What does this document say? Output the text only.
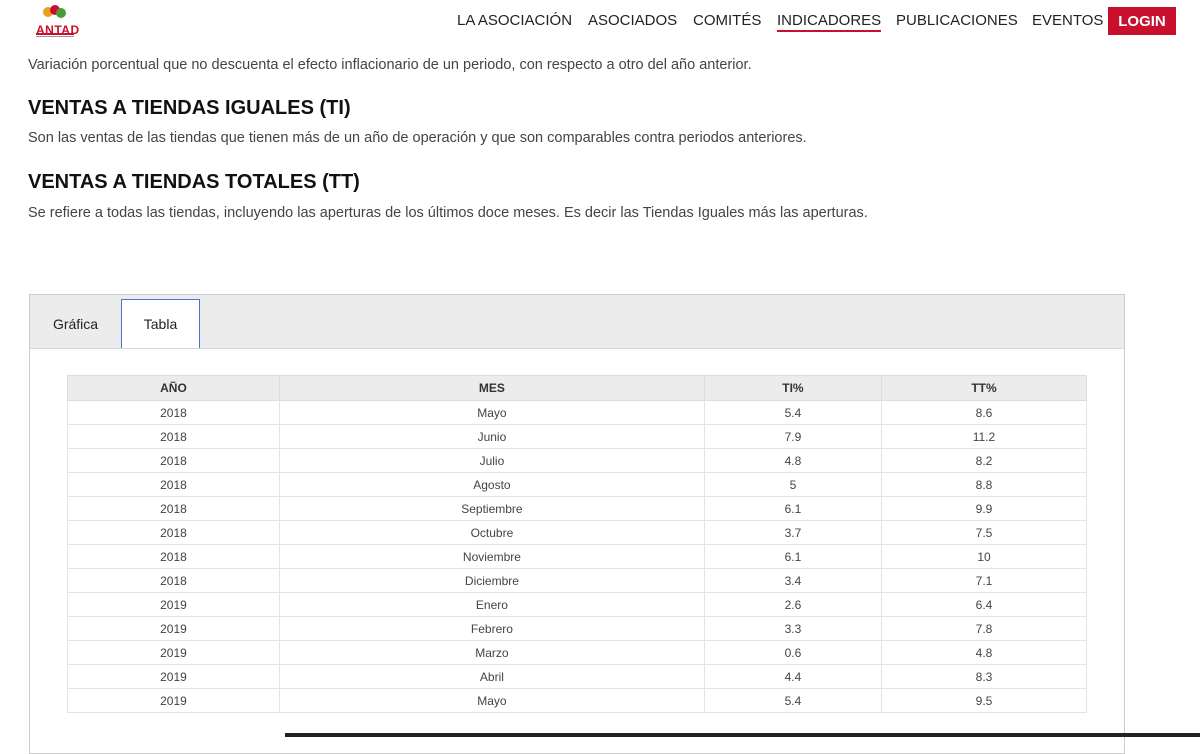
ANTAD
LA ASOCIACIÓN ASOCIADOS COMITÉS INDICADORES PUBLICACIONES EVENTOS LOGIN
Variación porcentual que no descuenta el efecto inflacionario de un periodo, con respecto a otro del año anterior.
VENTAS A TIENDAS IGUALES (TI)
Son las ventas de las tiendas que tienen más de un año de operación y que son comparables contra periodos anteriores.
VENTAS A TIENDAS TOTALES (TT)
Se refiere a todas las tiendas, incluyendo las aperturas de los últimos doce meses. Es decir las Tiendas Iguales más las aperturas.
Gráfica	Tabla
AÑO	MES	TI%	TT%
2018	Mayo	5.4	8.6
2018	Junio	7.9	11.2
2018	Julio	4.8	8.2
2018	Agosto	5	8.8
2018	Septiembre	6.1	9.9
2018	Octubre	3.7	7.5
2018	Noviembre	6.1	10
2018	Diciembre	3.4	7.1
2019	Enero	2.6	6.4
2019	Febrero	3.3	7.8
2019	Marzo	0.6	4.8
2019	Abril	4.4	8.3
2019	Mayo	5.4	9.5
